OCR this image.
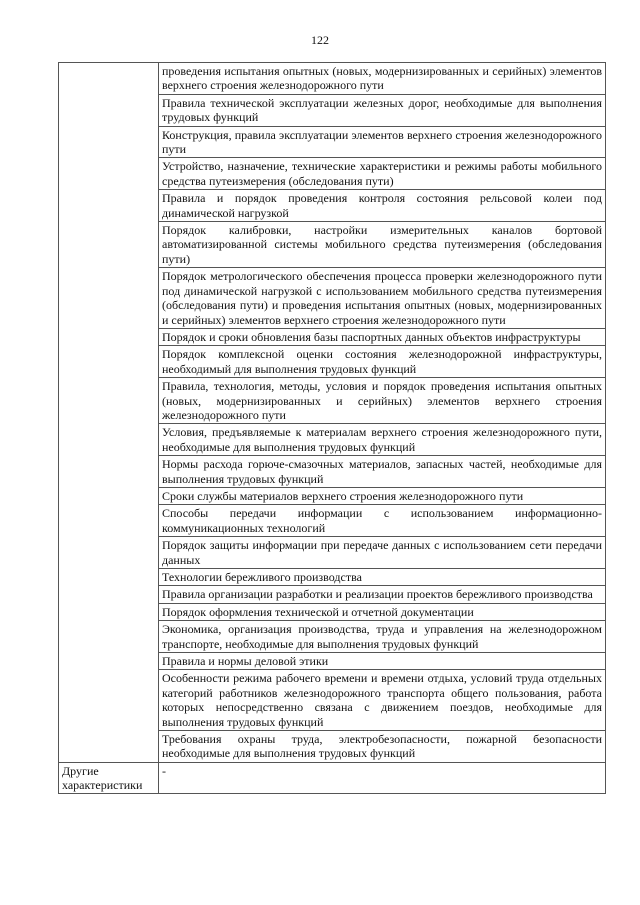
122
	проведения испытания опытных (новых, модернизированных и серийных) элементов верхнего строения железнодорожного пути
	Правила технической эксплуатации железных дорог, необходимые для выполнения трудовых функций
	Конструкция, правила эксплуатации элементов верхнего строения железнодорожного пути
	Устройство, назначение, технические характеристики и режимы работы мобильного средства путеизмерения (обследования пути)
	Правила и порядок проведения контроля состояния рельсовой колеи под динамической нагрузкой
	Порядок калибровки, настройки измерительных каналов бортовой автоматизированной системы мобильного средства путеизмерения (обследования пути)
	Порядок метрологического обеспечения процесса проверки железнодорожного пути под динамической нагрузкой с использованием мобильного средства путеизмерения (обследования пути) и проведения испытания опытных (новых, модернизированных и серийных) элементов верхнего строения железнодорожного пути
	Порядок и сроки обновления базы паспортных данных объектов инфраструктуры
	Порядок комплексной оценки состояния железнодорожной инфраструктуры, необходимый для выполнения трудовых функций
	Правила, технология, методы, условия и порядок проведения испытания опытных (новых, модернизированных и серийных) элементов верхнего строения железнодорожного пути
	Условия, предъявляемые к материалам верхнего строения железнодорожного пути, необходимые для выполнения трудовых функций
	Нормы расхода горюче-смазочных материалов, запасных частей, необходимые для выполнения трудовых функций
	Сроки службы материалов верхнего строения железнодорожного пути
	Способы передачи информации с использованием информационно-коммуникационных технологий
	Порядок защиты информации при передаче данных с использованием сети передачи данных
	Технологии бережливого производства
	Правила организации разработки и реализации проектов бережливого производства
	Порядок оформления технической и отчетной документации
	Экономика, организация производства, труда и управления на железнодорожном транспорте, необходимые для выполнения трудовых функций
	Правила и нормы деловой этики
	Особенности режима рабочего времени и времени отдыха, условий труда отдельных категорий работников железнодорожного транспорта общего пользования, работа которых непосредственно связана с движением поездов, необходимые для выполнения трудовых функций
	Требования охраны труда, электробезопасности, пожарной безопасности необходимые для выполнения трудовых функций

Другие характеристики	-
